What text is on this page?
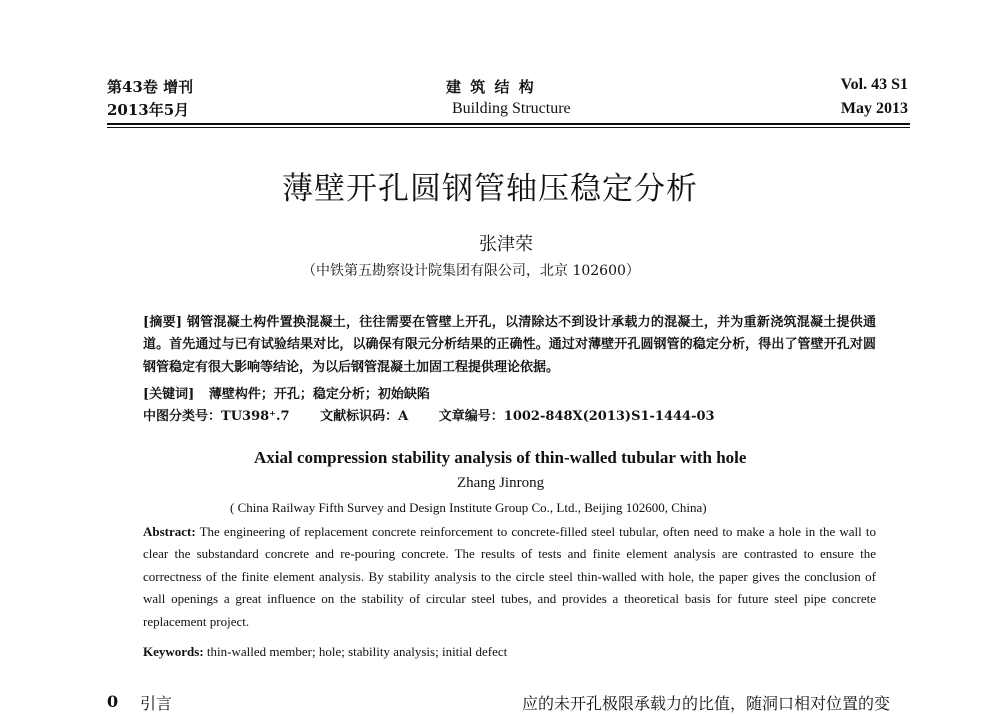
第43卷 增刊
2013年5月
建 筑 结 构
Building Structure
Vol. 43 S1
May 2013
薄壁开孔圆钢管轴压稳定分析
张津荣
（中铁第五勘察设计院集团有限公司，北京 102600）
[摘要] 钢管混凝土构件置换混凝土，往往需要在管壁上开孔，以清除达不到设计承载力的混凝土，并为重新浇筑混凝土提供通道。首先通过与已有试验结果对比，以确保有限元分析结果的正确性。通过对薄壁开孔圆钢管的稳定分析，得出了管壁开孔对圆钢管稳定有很大影响等结论，为以后钢管混凝土加固工程提供理论依据。
[关键词] 薄壁构件；开孔；稳定分析；初始缺陷
中图分类号：TU398⁺.7 文献标识码：A 文章编号：1002-848X(2013)S1-1444-03
Axial compression stability analysis of thin-walled tubular with hole
Zhang Jinrong
( China Railway Fifth Survey and Design Institute Group Co., Ltd., Beijing 102600, China)
Abstract: The engineering of replacement concrete reinforcement to concrete-filled steel tubular, often need to make a hole in the wall to clear the substandard concrete and re-pouring concrete. The results of tests and finite element analysis are contrasted to ensure the correctness of the finite element analysis. By stability analysis to the circle steel thin-walled with hole, the paper gives the conclusion of wall openings a great influence on the stability of circular steel tubes, and provides a theoretical basis for future steel pipe concrete replacement project.
Keywords: thin-walled member; hole; stability analysis; initial defect
0 引言	应的未开孔极限承载力的比值，随洞口相对位置的变
